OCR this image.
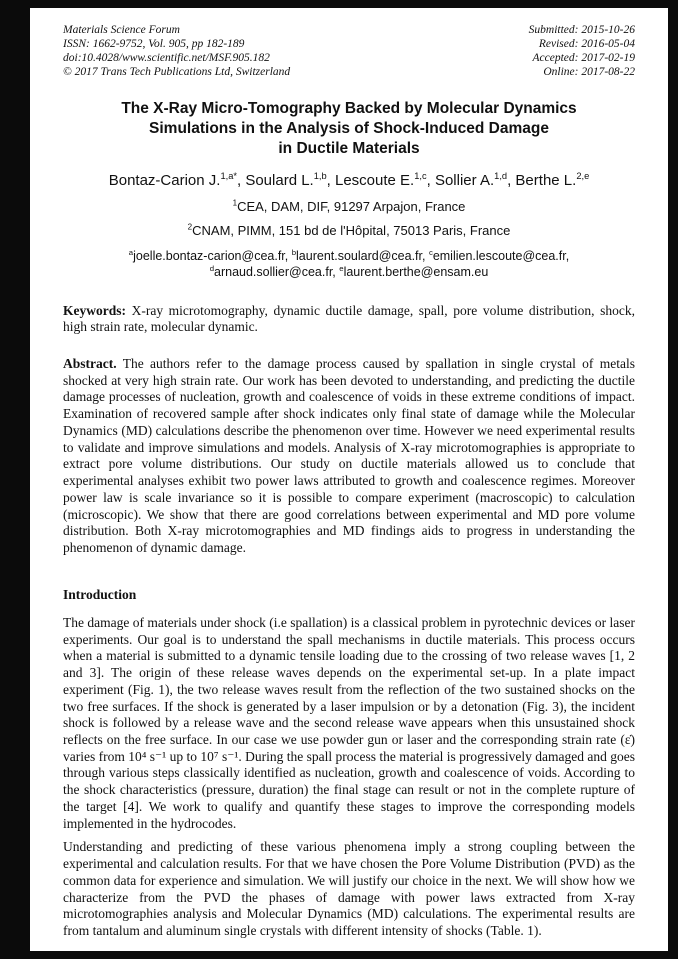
Materials Science Forum
ISSN: 1662-9752, Vol. 905, pp 182-189
doi:10.4028/www.scientific.net/MSF.905.182
© 2017 Trans Tech Publications Ltd, Switzerland
Submitted: 2015-10-26
Revised: 2016-05-04
Accepted: 2017-02-19
Online: 2017-08-22
The X-Ray Micro-Tomography Backed by Molecular Dynamics
Simulations in the Analysis of Shock-Induced Damage
in Ductile Materials
Bontaz-Carion J.$^{1,a*}$, Soulard L.$^{1,b}$, Lescoute E.$^{1,c}$, Sollier A.$^{1,d}$, Berthe L.$^{2,e}$
$^1$CEA, DAM, DIF, 91297 Arpajon, France
$^2$CNAM, PIMM, 151 bd de l'Hôpital, 75013 Paris, France
$^a$joelle.bontaz-carion@cea.fr, $^b$laurent.soulard@cea.fr, $^c$emilien.lescoute@cea.fr,
$^d$arnaud.sollier@cea.fr, $^e$laurent.berthe@ensam.eu

Keywords: X-ray microtomography, dynamic ductile damage, spall, pore volume distribution, shock, high strain rate, molecular dynamic.

Abstract. The authors refer to the damage process caused by spallation in single crystal of metals shocked at very high strain rate. Our work has been devoted to understanding, and predicting the ductile damage processes of nucleation, growth and coalescence of voids in these extreme conditions of impact. Examination of recovered sample after shock indicates only final state of damage while the Molecular Dynamics (MD) calculations describe the phenomenon over time. However we need experimental results to validate and improve simulations and models. Analysis of X-ray microtomographies is appropriate to extract pore volume distributions. Our study on ductile materials allowed us to conclude that experimental analyses exhibit two power laws attributed to growth and coalescence regimes. Moreover power law is scale invariance so it is possible to compare experiment (macroscopic) to calculation (microscopic). We show that there are good correlations between experimental and MD pore volume distribution. Both X-ray microtomographies and MD findings aids to progress in understanding the phenomenon of dynamic damage.

Introduction

The damage of materials under shock (i.e spallation) is a classical problem in pyrotechnic devices or laser experiments. Our goal is to understand the spall mechanisms in ductile materials. This process occurs when a material is submitted to a dynamic tensile loading due to the crossing of two release waves [1, 2 and 3]. The origin of these release waves depends on the experimental set-up. In a plate impact experiment (Fig. 1), the two release waves result from the reflection of the two sustained shocks on the two free surfaces. If the shock is generated by a laser impulsion or by a detonation (Fig. 3), the incident shock is followed by a release wave and the second release wave appears when this unsustained shock reflects on the free surface. In our case we use powder gun or laser and the corresponding strain rate (ε̇) varies from 10⁴ s⁻¹ up to 10⁷ s⁻¹. During the spall process the material is progressively damaged and goes through various steps classically identified as nucleation, growth and coalescence of voids. According to the shock characteristics (pressure, duration) the final stage can result or not in the complete rupture of the target [4]. We work to qualify and quantify these stages to improve the corresponding models implemented in the hydrocodes.

Understanding and predicting of these various phenomena imply a strong coupling between the experimental and calculation results. For that we have chosen the Pore Volume Distribution (PVD) as the common data for experience and simulation. We will justify our choice in the next. We will show how we characterize from the PVD the phases of damage with power laws extracted from X-ray microtomographies analysis and Molecular Dynamics (MD) calculations. The experimental results are from tantalum and aluminum single crystals with different intensity of shocks (Table. 1).
